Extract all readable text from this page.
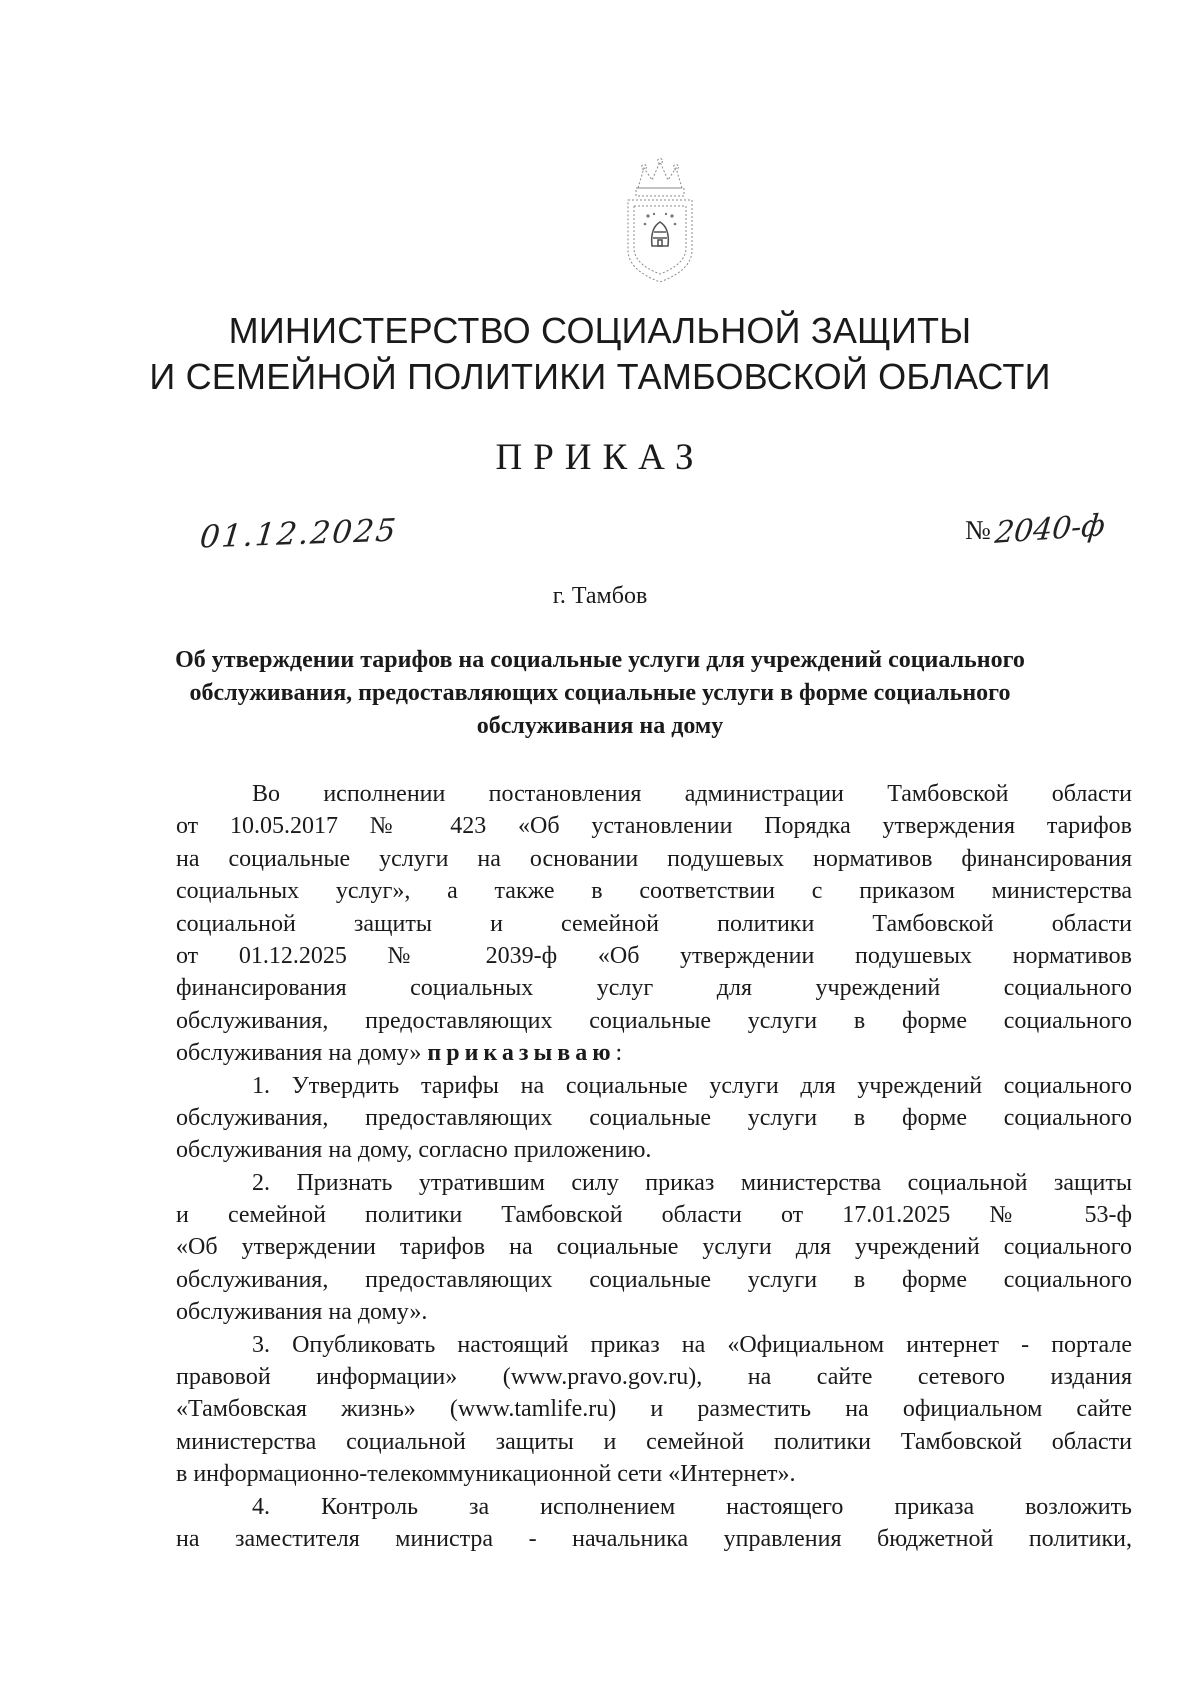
МИНИСТЕРСТВО СОЦИАЛЬНОЙ ЗАЩИТЫ
И СЕМЕЙНОЙ ПОЛИТИКИ ТАМБОВСКОЙ ОБЛАСТИ
ПРИКАЗ
01.12.2025	№2040-ф
г. Тамбов
Об утверждении тарифов на социальные услуги для учреждений социального
обслуживания, предоставляющих социальные услуги в форме социального
обслуживания на дому
Во исполнении постановления администрации Тамбовской области
от 10.05.2017 № 423 «Об установлении Порядка утверждения тарифов
на социальные услуги на основании подушевых нормативов финансирования
социальных услуг», а также в соответствии с приказом министерства
социальной защиты и семейной политики Тамбовской области
от 01.12.2025 № 2039-ф «Об утверждении подушевых нормативов
финансирования социальных услуг для учреждений социального
обслуживания, предоставляющих социальные услуги в форме социального
обслуживания на дому» приказываю:
1. Утвердить тарифы на социальные услуги для учреждений социального
обслуживания, предоставляющих социальные услуги в форме социального
обслуживания на дому, согласно приложению.
2. Признать утратившим силу приказ министерства социальной защиты
и семейной политики Тамбовской области от 17.01.2025 № 53-ф
«Об утверждении тарифов на социальные услуги для учреждений социального
обслуживания, предоставляющих социальные услуги в форме социального
обслуживания на дому».
3. Опубликовать настоящий приказ на «Официальном интернет - портале
правовой информации» (www.pravo.gov.ru), на сайте сетевого издания
«Тамбовская жизнь» (www.tamlife.ru) и разместить на официальном сайте
министерства социальной защиты и семейной политики Тамбовской области
в информационно-телекоммуникационной сети «Интернет».
4. Контроль за исполнением настоящего приказа возложить
на заместителя министра - начальника управления бюджетной политики,
